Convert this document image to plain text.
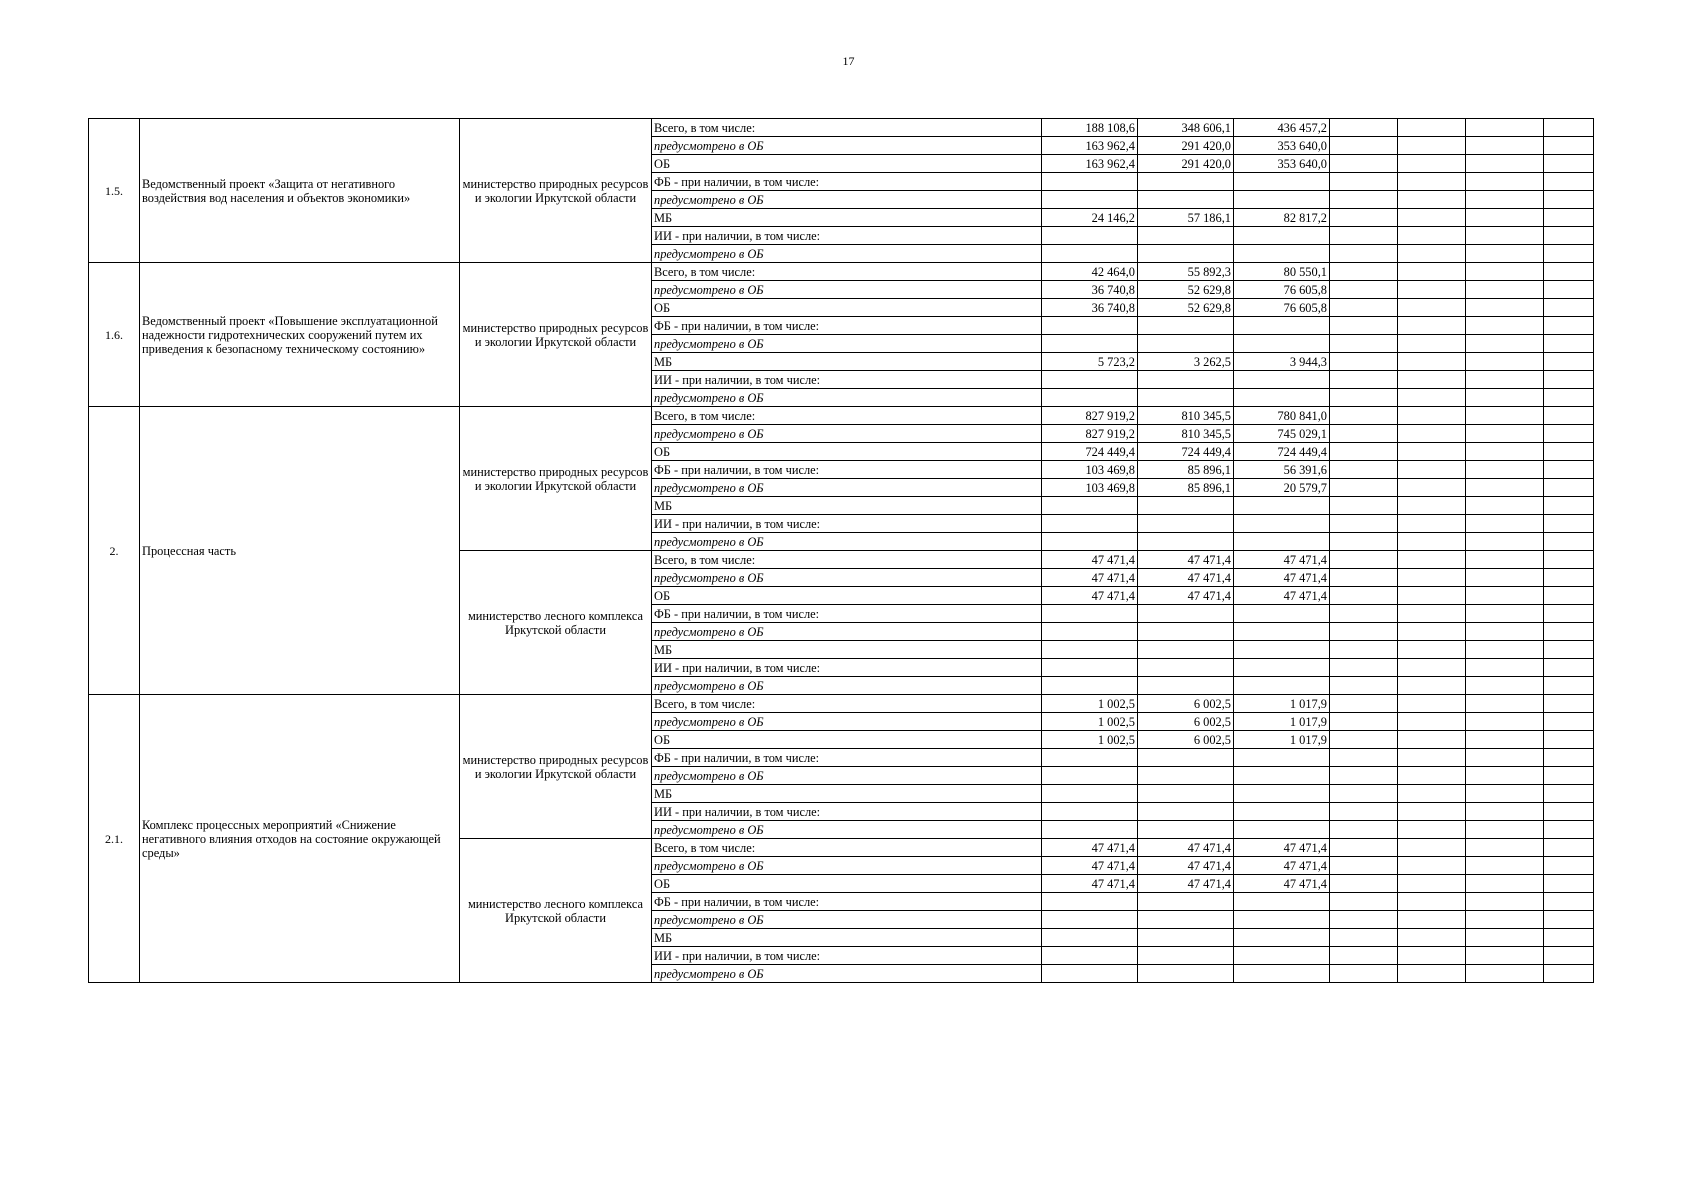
17
1.5.	Ведомственный проект «Защита от негативного воздействия вод населения и объектов экономики»	министерство природных ресурсов и экологии Иркутской области	Всего, в том числе:	188 108,6	348 606,1	436 457,2				
			предусмотрено в ОБ	163 962,4	291 420,0	353 640,0				
			ОБ	163 962,4	291 420,0	353 640,0				
			ФБ - при наличии, в том числе:							
			предусмотрено в ОБ							
			МБ	24 146,2	57 186,1	82 817,2				
			ИИ - при наличии, в том числе:							
			предусмотрено в ОБ							
1.6.	Ведомственный проект «Повышение эксплуатационной надежности гидротехнических сооружений путем их приведения к безопасному техническому состоянию»	министерство природных ресурсов и экологии Иркутской области	Всего, в том числе:	42 464,0	55 892,3	80 550,1				
			предусмотрено в ОБ	36 740,8	52 629,8	76 605,8				
			ОБ	36 740,8	52 629,8	76 605,8				
			ФБ - при наличии, в том числе:							
			предусмотрено в ОБ							
			МБ	5 723,2	3 262,5	3 944,3				
			ИИ - при наличии, в том числе:							
			предусмотрено в ОБ							
2.	Процессная часть	министерство природных ресурсов и экологии Иркутской области	Всего, в том числе:	827 919,2	810 345,5	780 841,0				
			предусмотрено в ОБ	827 919,2	810 345,5	745 029,1				
			ОБ	724 449,4	724 449,4	724 449,4				
			ФБ - при наличии, в том числе:	103 469,8	85 896,1	56 391,6				
			предусмотрено в ОБ	103 469,8	85 896,1	20 579,7				
			МБ							
			ИИ - при наличии, в том числе:							
			предусмотрено в ОБ							
		министерство лесного комплекса Иркутской области	Всего, в том числе:	47 471,4	47 471,4	47 471,4				
			предусмотрено в ОБ	47 471,4	47 471,4	47 471,4				
			ОБ	47 471,4	47 471,4	47 471,4				
			ФБ - при наличии, в том числе:							
			предусмотрено в ОБ							
			МБ							
			ИИ - при наличии, в том числе:							
			предусмотрено в ОБ							
2.1.	Комплекс процессных мероприятий «Снижение негативного влияния отходов на состояние окружающей среды»	министерство природных ресурсов и экологии Иркутской области	Всего, в том числе:	1 002,5	6 002,5	1 017,9				
			предусмотрено в ОБ	1 002,5	6 002,5	1 017,9				
			ОБ	1 002,5	6 002,5	1 017,9				
			ФБ - при наличии, в том числе:							
			предусмотрено в ОБ							
			МБ							
			ИИ - при наличии, в том числе:							
			предусмотрено в ОБ							
		министерство лесного комплекса Иркутской области	Всего, в том числе:	47 471,4	47 471,4	47 471,4				
			предусмотрено в ОБ	47 471,4	47 471,4	47 471,4				
			ОБ	47 471,4	47 471,4	47 471,4				
			ФБ - при наличии, в том числе:							
			предусмотрено в ОБ							
			МБ							
			ИИ - при наличии, в том числе:							
			предусмотрено в ОБ							
